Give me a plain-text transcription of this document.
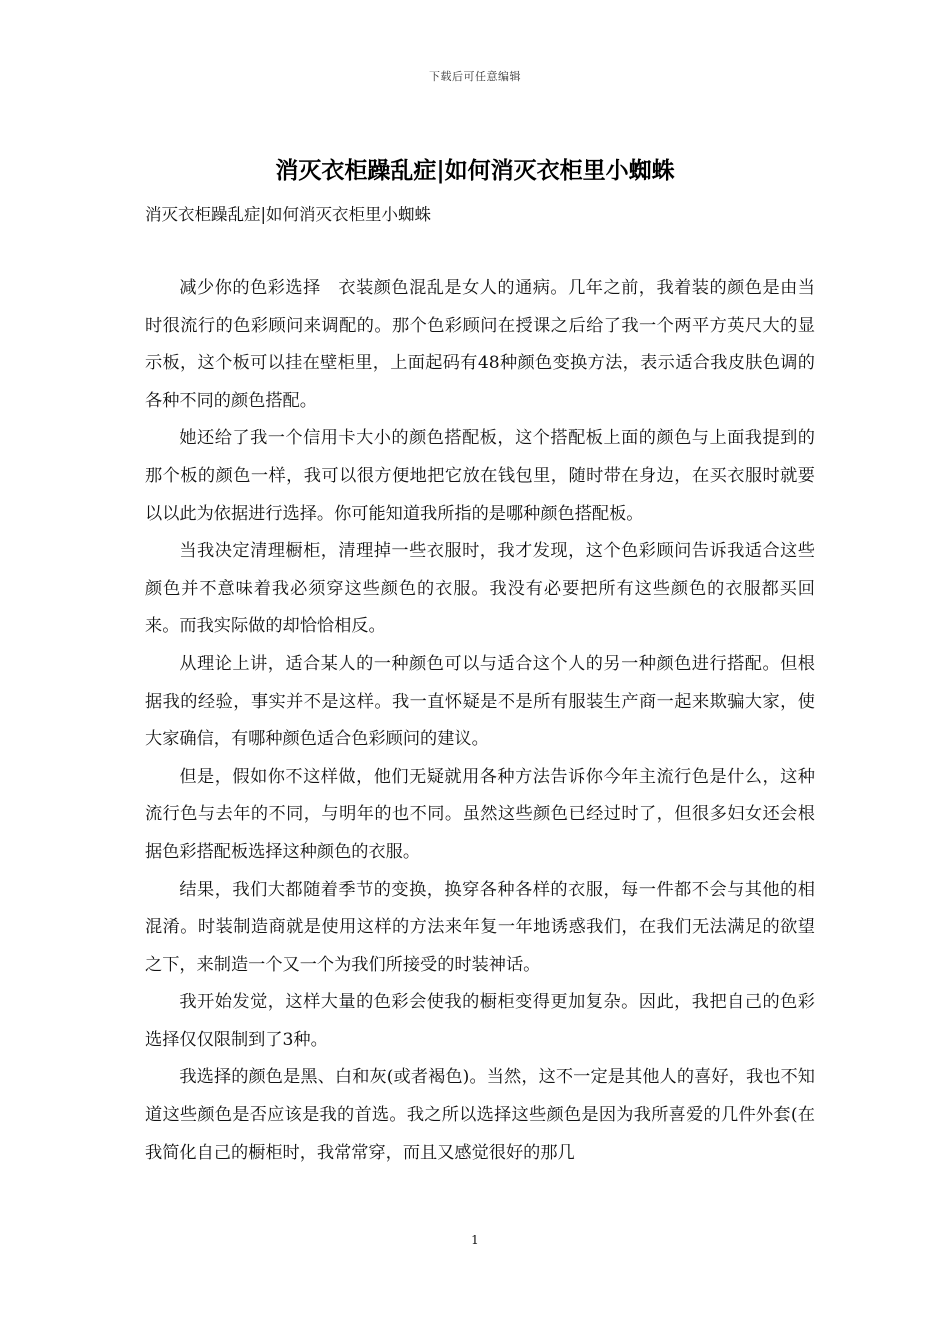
下载后可任意编辑
消灭衣柜躁乱症|如何消灭衣柜里小蜘蛛
消灭衣柜躁乱症|如何消灭衣柜里小蜘蛛

减少你的色彩选择　衣装颜色混乱是女人的通病。几年之前，我着装的颜色是由当时很流行的色彩顾问来调配的。那个色彩顾问在授课之后给了我一个两平方英尺大的显示板，这个板可以挂在壁柜里，上面起码有48种颜色变换方法，表示适合我皮肤色调的各种不同的颜色搭配。

她还给了我一个信用卡大小的颜色搭配板，这个搭配板上面的颜色与上面我提到的那个板的颜色一样，我可以很方便地把它放在钱包里，随时带在身边，在买衣服时就要以以此为依据进行选择。你可能知道我所指的是哪种颜色搭配板。

当我决定清理橱柜，清理掉一些衣服时，我才发现，这个色彩顾问告诉我适合这些颜色并不意味着我必须穿这些颜色的衣服。我没有必要把所有这些颜色的衣服都买回来。而我实际做的却恰恰相反。

从理论上讲，适合某人的一种颜色可以与适合这个人的另一种颜色进行搭配。但根据我的经验，事实并不是这样。我一直怀疑是不是所有服装生产商一起来欺骗大家，使大家确信，有哪种颜色适合色彩顾问的建议。

但是，假如你不这样做，他们无疑就用各种方法告诉你今年主流行色是什么，这种流行色与去年的不同，与明年的也不同。虽然这些颜色已经过时了，但很多妇女还会根据色彩搭配板选择这种颜色的衣服。

结果，我们大都随着季节的变换，换穿各种各样的衣服，每一件都不会与其他的相混淆。时装制造商就是使用这样的方法来年复一年地诱惑我们，在我们无法满足的欲望之下，来制造一个又一个为我们所接受的时装神话。

我开始发觉，这样大量的色彩会使我的橱柜变得更加复杂。因此，我把自己的色彩选择仅仅限制到了3种。

我选择的颜色是黑、白和灰(或者褐色)。当然，这不一定是其他人的喜好，我也不知道这些颜色是否应该是我的首选。我之所以选择这些颜色是因为我所喜爱的几件外套(在我简化自己的橱柜时，我常常穿，而且又感觉很好的那几

1
